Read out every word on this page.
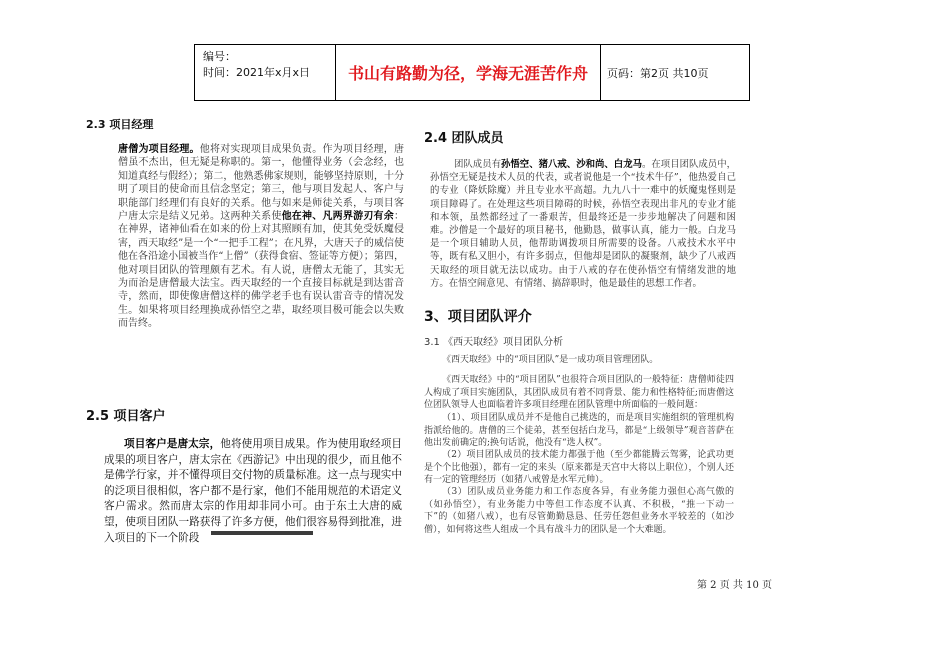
编号：
时间：2021年x月x日	书山有路勤为径，学海无涯苦作舟	页码：第2页 共10页
2.3 项目经理
唐僧为项目经理。他将对实现项目成果负责。作为项目经理，唐僧虽不杰出，但无疑是称职的。第一，他懂得业务（会念经，也知道真经与假经）；第二，他熟悉佛家规则，能够坚持原则，十分明了项目的使命而且信念坚定；第三，他与项目发起人、客户与职能部门经理们有良好的关系。他与如来是师徒关系，与项目客户唐太宗是结义兄弟。这两种关系使他在神、凡两界游刃有余：在神界，诸神仙看在如来的份上对其照顾有加，使其免受妖魔侵害，西天取经”是一个“一把手工程”；在凡界，大唐天子的威信使他在各沿途小国被当作“上僧”（获得食宿、签证等方便）；第四，他对项目团队的管理颇有艺术。有人说，唐僧太无能了，其实无为而治是唐僧最大法宝。西天取经的一个直接目标就是到达雷音寺，然而，即使像唐僧这样的佛学老手也有误认雷音寺的情况发生。如果将项目经理换成孙悟空之辈，取经项目极可能会以失败而告终。
2.5 项目客户
项目客户是唐太宗，他将使用项目成果。作为使用取经项目成果的项目客户，唐太宗在《西游记》中出现的很少，而且他不是佛学行家，并不懂得项目交付物的质量标准。这一点与现实中的泛项目很相似，客户都不是行家，他们不能用规范的术语定义客户需求。然而唐太宗的作用却非同小可。由于东土大唐的威望，使项目团队一路获得了许多方便，他们很容易得到批准，进入项目的下一个阶段
2.4 团队成员
团队成员有孙悟空、猪八戒、沙和尚、白龙马。在项目团队成员中，孙悟空无疑是技术人员的代表，或者说他是一个“技术牛仔”，他热爱自己的专业（降妖除魔）并且专业水平高超。九九八十一难中的妖魔鬼怪则是项目障碍了。在处理这些项目障碍的时候，孙悟空表现出非凡的专业才能和本领，虽然都经过了一番艰苦，但最终还是一步步地解决了问题和困难。沙僧是一个最好的项目秘书，他勤恳，做事认真，能力一般。白龙马是一个项目辅助人员，他帮助调拨项目所需要的设备。八戒技术水平中等，既有私又胆小，有许多弱点，但他却是团队的凝聚剂，缺少了八戒西天取经的项目就无法以成功。由于八戒的存在使孙悟空有情绪发泄的地方。在悟空闹意见、有情绪、搞辞职时，他是最佳的思想工作者。
3、项目团队评介
3.1 《西天取经》项目团队分析
《西天取经》中的“项目团队”是一成功项目管理团队。
《西天取经》中的“项目团队”也很符合项目团队的一般特征：唐僧师徒四人构成了项目实施团队，其团队成员有着不同背景、能力和性格特征;而唐僧这位团队领导人也面临着许多项目经理在团队管理中所面临的一般问题：
（1）、项目团队成员并不是他自己挑选的，而是项目实施组织的管理机构指派给他的。唐僧的三个徒弟，甚至包括白龙马，都是“上级领导”观音菩萨在他出发前确定的;换句话说，他没有“选人权”。
（2）项目团队成员的技术能力都强于他（至少都能腾云驾雾，论武功更是个个比他强），都有一定的来头（原来都是天宫中大将以上职位），个别人还有一定的管理经历（如猪八戒曾是水军元帅）。
（3）团队成员业务能力和工作态度各异，有业务能力强但心高气傲的（如孙悟空），有业务能力中等但工作态度不认真、不积极，“推一下动一下”的（如猪八戒），也有尽管勤勤恳恳、任劳任怨但业务水平较差的（如沙僧），如何将这些人组成一个具有战斗力的团队是一个大难题。
第 2 页 共 10 页
